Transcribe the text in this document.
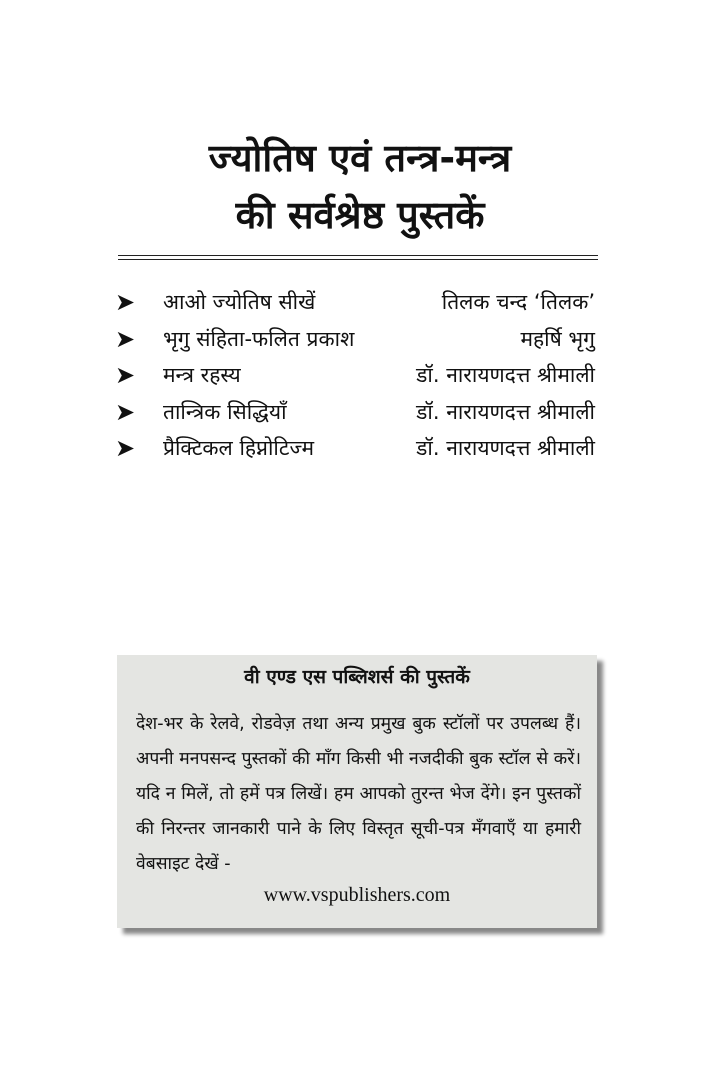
ज्योतिष एवं तन्त्र-मन्त्र
की सर्वश्रेष्ठ पुस्तकें
➤	आओ ज्योतिष सीखें	तिलक चन्द ‘तिलक’
➤	भृगु संहिता-फलित प्रकाश	महर्षि भृगु
➤	मन्त्र रहस्य	डॉ. नारायणदत्त श्रीमाली
➤	तान्त्रिक सिद्धियाँ	डॉ. नारायणदत्त श्रीमाली
➤	प्रैक्टिकल हिप्नोटिज्म	डॉ. नारायणदत्त श्रीमाली
वी एण्ड एस पब्लिशर्स की पुस्तकें
देश-भर के रेलवे, रोडवेज़ तथा अन्य प्रमुख बुक स्टॉलों पर उपलब्ध हैं। अपनी मनपसन्द पुस्तकों की माँग किसी भी नजदीकी बुक स्टॉल से करें। यदि न मिलें, तो हमें पत्र लिखें। हम आपको तुरन्त भेज देंगे। इन पुस्तकों की निरन्तर जानकारी पाने के लिए विस्तृत सूची-पत्र मँगवाएँ या हमारी वेबसाइट देखें -
www.vspublishers.com
